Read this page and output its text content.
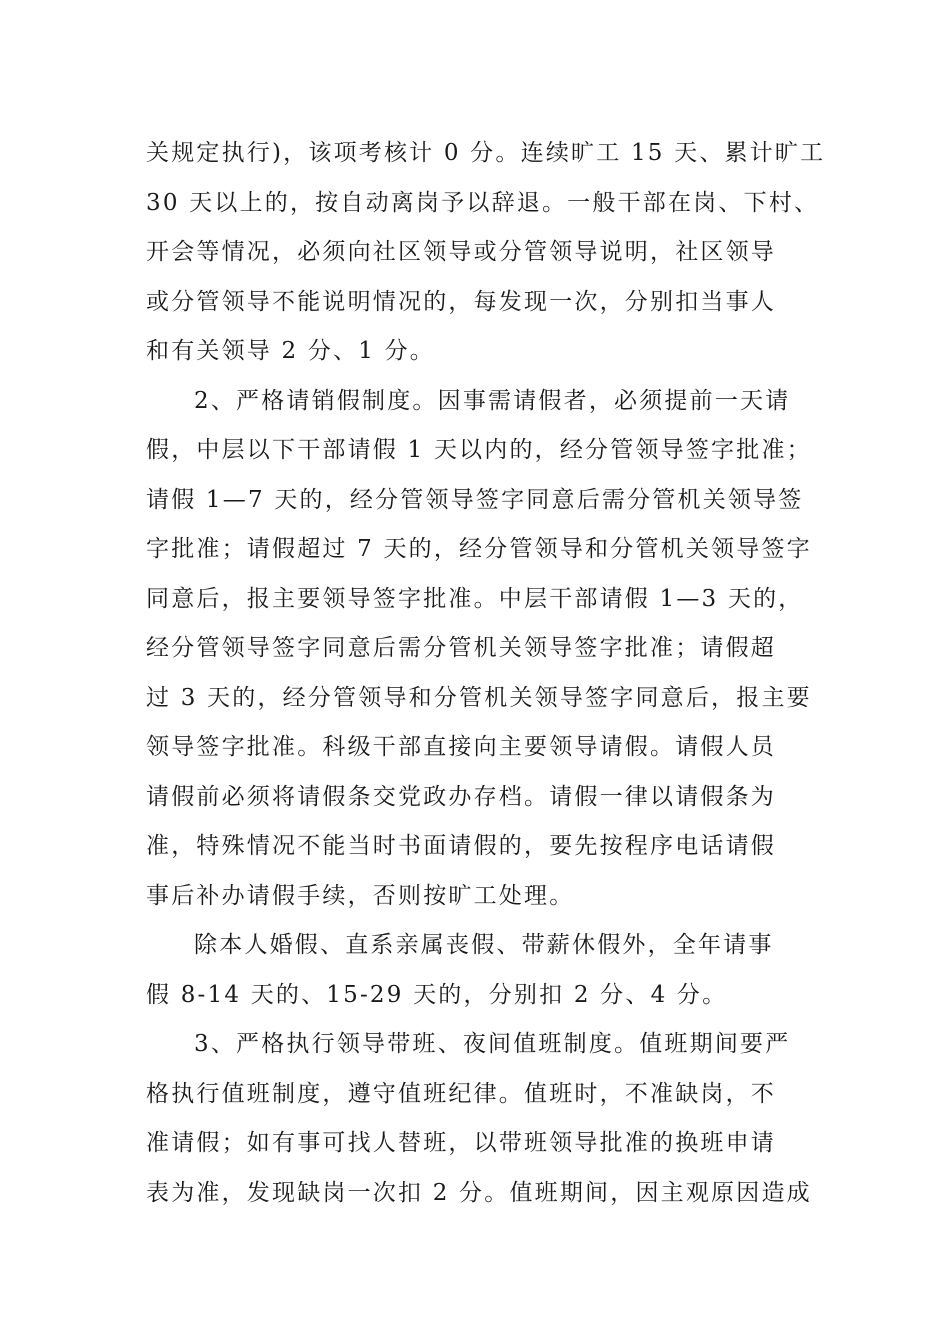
关规定执行)，该项考核计 0 分。连续旷工 15 天、累计旷工
30 天以上的，按自动离岗予以辞退。一般干部在岗、下村、
开会等情况，必须向社区领导或分管领导说明，社区领导
或分管领导不能说明情况的，每发现一次，分别扣当事人
和有关领导 2 分、1 分。
2、严格请销假制度。因事需请假者，必须提前一天请
假，中层以下干部请假 1 天以内的，经分管领导签字批准；
请假 1—7 天的，经分管领导签字同意后需分管机关领导签
字批准；请假超过 7 天的，经分管领导和分管机关领导签字
同意后，报主要领导签字批准。中层干部请假 1—3 天的，
经分管领导签字同意后需分管机关领导签字批准；请假超
过 3 天的，经分管领导和分管机关领导签字同意后，报主要
领导签字批准。科级干部直接向主要领导请假。请假人员
请假前必须将请假条交党政办存档。请假一律以请假条为
准，特殊情况不能当时书面请假的，要先按程序电话请假
事后补办请假手续，否则按旷工处理。
除本人婚假、直系亲属丧假、带薪休假外，全年请事
假 8-14 天的、15-29 天的，分别扣 2 分、4 分。
3、严格执行领导带班、夜间值班制度。值班期间要严
格执行值班制度，遵守值班纪律。值班时，不准缺岗，不
准请假；如有事可找人替班，以带班领导批准的换班申请
表为准，发现缺岗一次扣 2 分。值班期间，因主观原因造成
